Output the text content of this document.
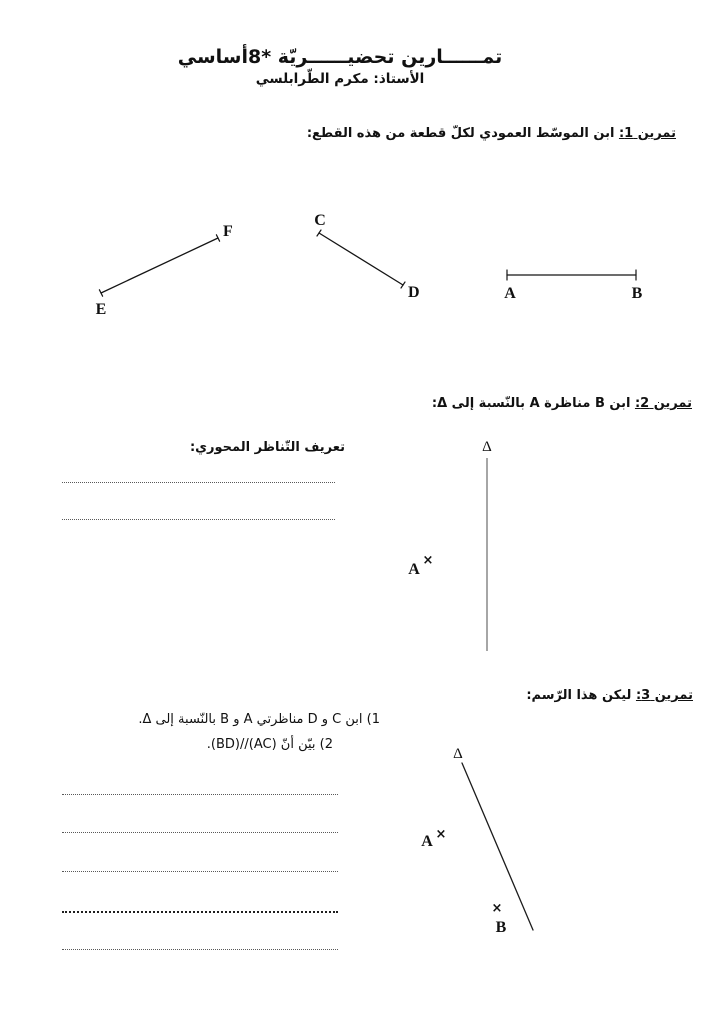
تمــــــارين تحضيــــــريّة *8أساسي
الأستاذ: مكرم الطّرابلسي
تمرين 1: ابن الموسّط العمودي لكلّ قطعة من هذه القطع:
E
F
C
D	A	B
تمرين 2: ابن B مناظرة A بالنّسبة إلى Δ:
Δ
A
×
تعريف التّناظر المحوري:
تمرين 3: ليكن هذا الرّسم:
1) ابن C و D مناظرتي A و B بالنّسبة إلى Δ.
2) بيّن أنّ (AC)//(BD).
Δ
A ×
×
B
